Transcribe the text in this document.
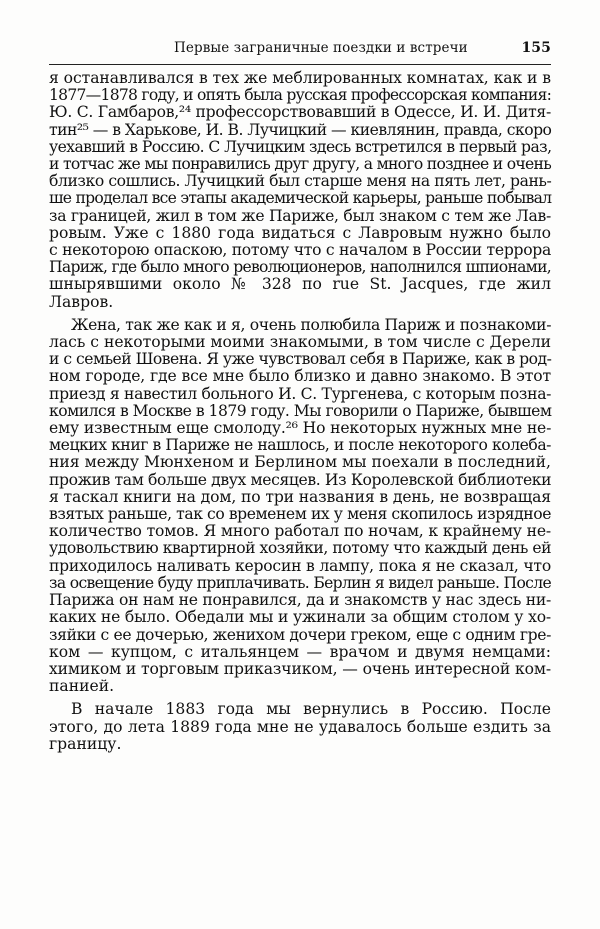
Первые заграничные поездки и встречи	155
я останавливался в тех же меблированных комнатах, как и в
1877—1878 году, и опять была русская профессорская компания:
Ю. С. Гамбаров,²⁴ профессорствовавший в Одессе, И. И. Дитя-
тин²⁵ — в Харькове, И. В. Лучицкий — киевлянин, правда, скоро
уехавший в Россию. С Лучицким здесь встретился в первый раз,
и тотчас же мы понравились друг другу, а много позднее и очень
близко сошлись. Лучицкий был старше меня на пять лет, рань-
ше проделал все этапы академической карьеры, раньше побывал
за границей, жил в том же Париже, был знаком с тем же Лав-
ровым. Уже с 1880 года видаться с Лавровым нужно было
с некоторою опаскою, потому что с началом в России террора
Париж, где было много революционеров, наполнился шпионами,
шнырявшими около № 328 по rue St. Jacques, где жил
Лавров.
Жена, так же как и я, очень полюбила Париж и познакоми-
лась с некоторыми моими знакомыми, в том числе с Дерели
и с семьей Шовена. Я уже чувствовал себя в Париже, как в род-
ном городе, где все мне было близко и давно знакомо. В этот
приезд я навестил больного И. С. Тургенева, с которым позна-
комился в Москве в 1879 году. Мы говорили о Париже, бывшем
ему известным еще смолоду.²⁶ Но некоторых нужных мне не-
мецких книг в Париже не нашлось, и после некоторого колеба-
ния между Мюнхеном и Берлином мы поехали в последний,
прожив там больше двух месяцев. Из Королевской библиотеки
я таскал книги на дом, по три названия в день, не возвращая
взятых раньше, так со временем их у меня скопилось изрядное
количество томов. Я много работал по ночам, к крайнему не-
удовольствию квартирной хозяйки, потому что каждый день ей
приходилось наливать керосин в лампу, пока я не сказал, что
за освещение буду приплачивать. Берлин я видел раньше. После
Парижа он нам не понравился, да и знакомств у нас здесь ни-
каких не было. Обедали мы и ужинали за общим столом у хо-
зяйки с ее дочерью, женихом дочери греком, еще с одним гре-
ком — купцом, с итальянцем — врачом и двумя немцами:
химиком и торговым приказчиком, — очень интересной ком-
панией.
В начале 1883 года мы вернулись в Россию. После
этого, до лета 1889 года мне не удавалось больше ездить за
границу.
